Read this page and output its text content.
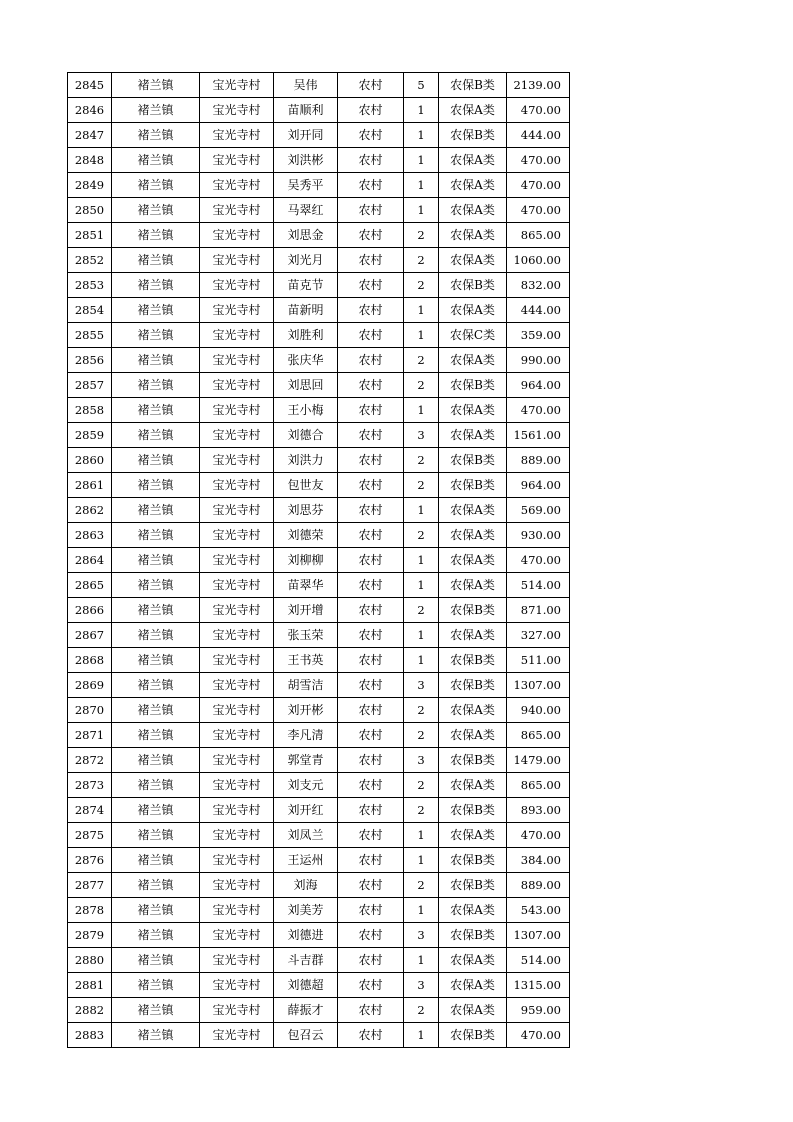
2845	褚兰镇	宝光寺村	吴伟	农村	5	农保B类	2139.00
2846	褚兰镇	宝光寺村	苗顺利	农村	1	农保A类	470.00
2847	褚兰镇	宝光寺村	刘开同	农村	1	农保B类	444.00
2848	褚兰镇	宝光寺村	刘洪彬	农村	1	农保A类	470.00
2849	褚兰镇	宝光寺村	吴秀平	农村	1	农保A类	470.00
2850	褚兰镇	宝光寺村	马翠红	农村	1	农保A类	470.00
2851	褚兰镇	宝光寺村	刘思金	农村	2	农保A类	865.00
2852	褚兰镇	宝光寺村	刘光月	农村	2	农保A类	1060.00
2853	褚兰镇	宝光寺村	苗克节	农村	2	农保B类	832.00
2854	褚兰镇	宝光寺村	苗新明	农村	1	农保A类	444.00
2855	褚兰镇	宝光寺村	刘胜利	农村	1	农保C类	359.00
2856	褚兰镇	宝光寺村	张庆华	农村	2	农保A类	990.00
2857	褚兰镇	宝光寺村	刘思回	农村	2	农保B类	964.00
2858	褚兰镇	宝光寺村	王小梅	农村	1	农保A类	470.00
2859	褚兰镇	宝光寺村	刘德合	农村	3	农保A类	1561.00
2860	褚兰镇	宝光寺村	刘洪力	农村	2	农保B类	889.00
2861	褚兰镇	宝光寺村	包世友	农村	2	农保B类	964.00
2862	褚兰镇	宝光寺村	刘思芬	农村	1	农保A类	569.00
2863	褚兰镇	宝光寺村	刘德荣	农村	2	农保A类	930.00
2864	褚兰镇	宝光寺村	刘柳柳	农村	1	农保A类	470.00
2865	褚兰镇	宝光寺村	苗翠华	农村	1	农保A类	514.00
2866	褚兰镇	宝光寺村	刘开增	农村	2	农保B类	871.00
2867	褚兰镇	宝光寺村	张玉荣	农村	1	农保A类	327.00
2868	褚兰镇	宝光寺村	王书英	农村	1	农保B类	511.00
2869	褚兰镇	宝光寺村	胡雪洁	农村	3	农保B类	1307.00
2870	褚兰镇	宝光寺村	刘开彬	农村	2	农保A类	940.00
2871	褚兰镇	宝光寺村	李凡清	农村	2	农保A类	865.00
2872	褚兰镇	宝光寺村	郭堂青	农村	3	农保B类	1479.00
2873	褚兰镇	宝光寺村	刘支元	农村	2	农保A类	865.00
2874	褚兰镇	宝光寺村	刘开红	农村	2	农保B类	893.00
2875	褚兰镇	宝光寺村	刘凤兰	农村	1	农保A类	470.00
2876	褚兰镇	宝光寺村	王运州	农村	1	农保B类	384.00
2877	褚兰镇	宝光寺村	刘海	农村	2	农保B类	889.00
2878	褚兰镇	宝光寺村	刘美芳	农村	1	农保A类	543.00
2879	褚兰镇	宝光寺村	刘德进	农村	3	农保B类	1307.00
2880	褚兰镇	宝光寺村	斗吉群	农村	1	农保A类	514.00
2881	褚兰镇	宝光寺村	刘德超	农村	3	农保A类	1315.00
2882	褚兰镇	宝光寺村	薛振才	农村	2	农保A类	959.00
2883	褚兰镇	宝光寺村	包召云	农村	1	农保B类	470.00
